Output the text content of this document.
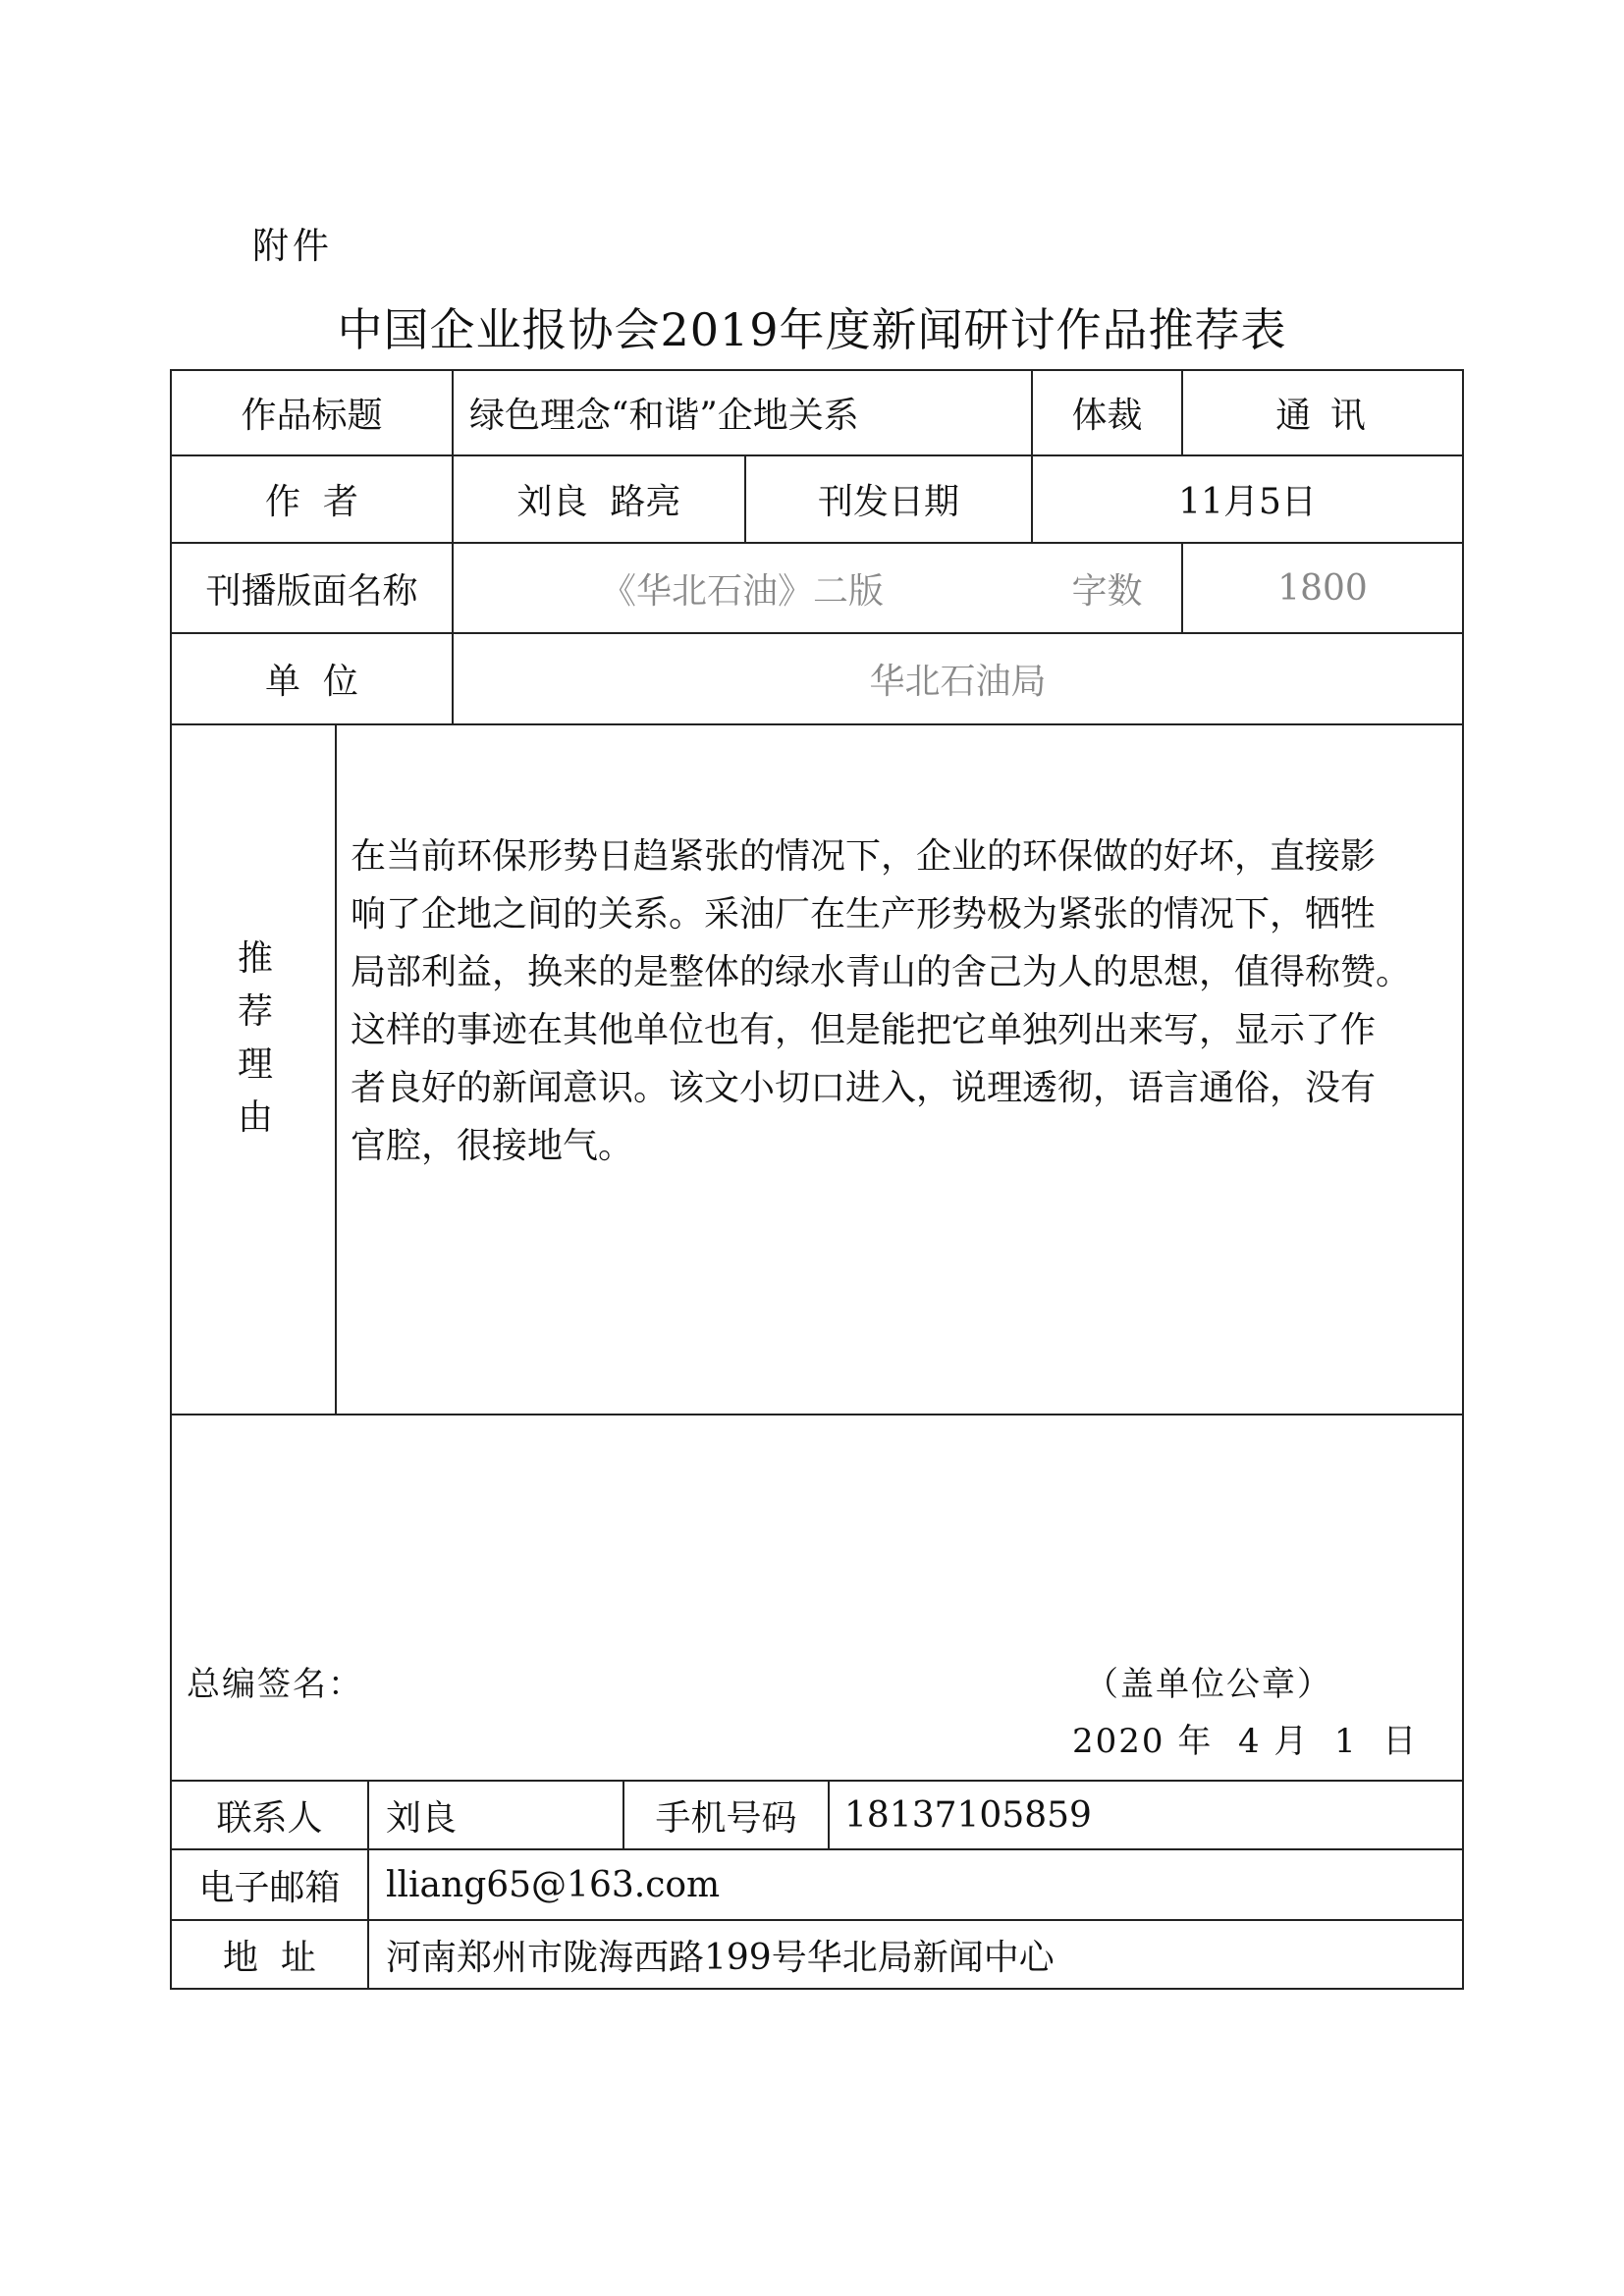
附件
中国企业报协会2019年度新闻研讨作品推荐表
作品标题	绿色理念“和谐”企地关系	体裁	通 讯
作  者	刘良  路亮	刊发日期	11月5日
刊播版面名称	《华北石油》二版	字数	1800
单  位	华北石油局
推
荐
理
由

在当前环保形势日趋紧张的情况下，企业的环保做的好坏，直接影

响了企地之间的关系。采油厂在生产形势极为紧张的情况下，牺牲

局部利益，换来的是整体的绿水青山的舍己为人的思想，值得称赞。

这样的事迹在其他单位也有，但是能把它单独列出来写，显示了作

者良好的新闻意识。该文小切口进入，说理透彻，语言通俗，没有

官腔，很接地气。

总编签名：	（盖单位公章）
2020 年  4 月  1  日
联系人	刘良	手机号码	18137105859
电子邮箱	lliang65@163.com
地  址	河南郑州市陇海西路199号华北局新闻中心
